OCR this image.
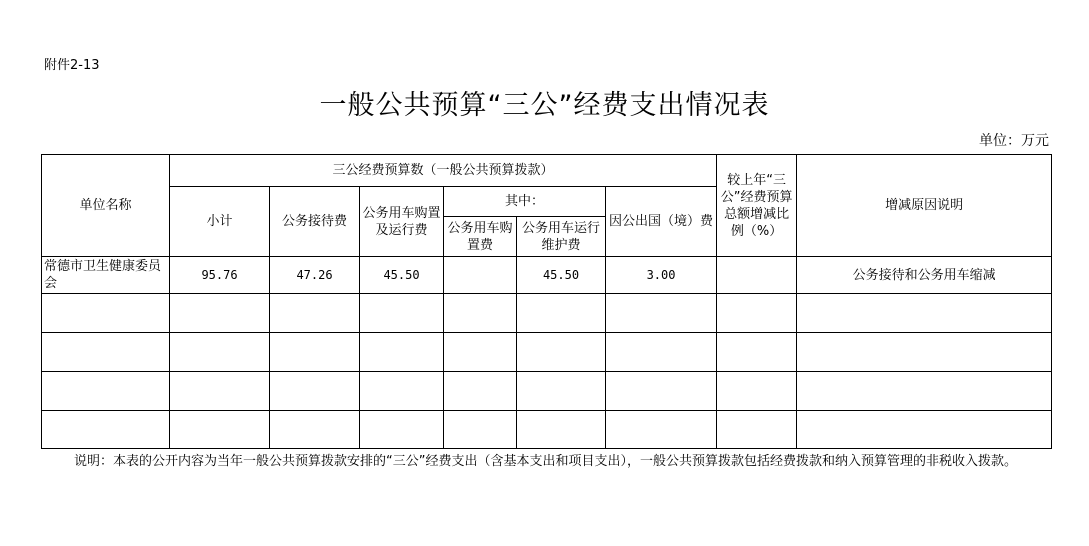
附件2-13
一般公共预算“三公”经费支出情况表
单位：万元
单位名称	三公经费预算数（一般公共预算拨款）						较上年“三公”经费预算总额增减比例（%）	增减原因说明
	小计	公务接待费	公务用车购置及运行费	其中：		因公出国（境）费		
				公务用车购置费	公务用车运行维护费			
常德市卫生健康委员会	95.76	47.26	45.50		45.50	3.00		公务接待和公务用车缩减

说明：本表的公开内容为当年一般公共预算拨款安排的“三公”经费支出（含基本支出和项目支出），一般公共预算拨款包括经费拨款和纳入预算管理的非税收入拨款。
